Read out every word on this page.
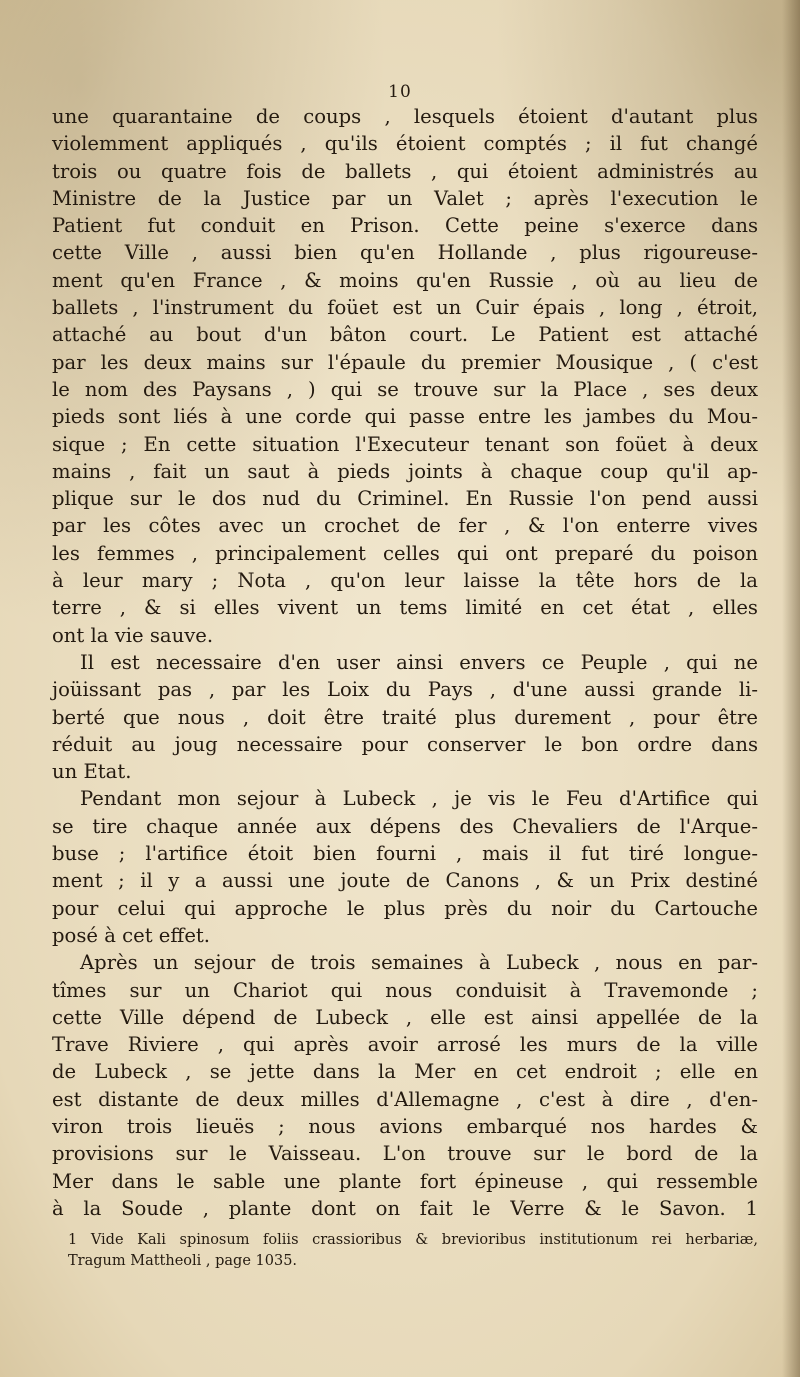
10
une quarantaine de coups , lesquels étoient d'autant plus
violemment appliqués , qu'ils étoient comptés ; il fut changé
trois ou quatre fois de ballets , qui étoient administrés au
Ministre de la Justice par un Valet ; après l'execution le
Patient fut conduit en Prison. Cette peine s'exerce dans
cette Ville , aussi bien qu'en Hollande , plus rigoureuse-
ment qu'en France , & moins qu'en Russie , où au lieu de
ballets , l'instrument du foüet est un Cuir épais , long , étroit,
attaché au bout d'un bâton court. Le Patient est attaché
par les deux mains sur l'épaule du premier Mousique , ( c'est
le nom des Paysans , ) qui se trouve sur la Place , ses deux
pieds sont liés à une corde qui passe entre les jambes du Mou-
sique ; En cette situation l'Executeur tenant son foüet à deux
mains , fait un saut à pieds joints à chaque coup qu'il ap-
plique sur le dos nud du Criminel. En Russie l'on pend aussi
par les côtes avec un crochet de fer , & l'on enterre vives
les femmes , principalement celles qui ont preparé du poison
à leur mary ; Nota , qu'on leur laisse la tête hors de la
terre , & si elles vivent un tems limité en cet état , elles
ont la vie sauve.
Il est necessaire d'en user ainsi envers ce Peuple , qui ne
joüissant pas , par les Loix du Pays , d'une aussi grande li-
berté que nous , doit être traité plus durement , pour être
réduit au joug necessaire pour conserver le bon ordre dans
un Etat.
Pendant mon sejour à Lubeck , je vis le Feu d'Artifice qui
se tire chaque année aux dépens des Chevaliers de l'Arque-
buse ; l'artifice étoit bien fourni , mais il fut tiré longue-
ment ; il y a aussi une joute de Canons , & un Prix destiné
pour celui qui approche le plus près du noir du Cartouche
posé à cet effet.
Après un sejour de trois semaines à Lubeck , nous en par-
tîmes sur un Chariot qui nous conduisit à Travemonde ;
cette Ville dépend de Lubeck , elle est ainsi appellée de la
Trave Riviere , qui après avoir arrosé les murs de la ville
de Lubeck , se jette dans la Mer en cet endroit ; elle en
est distante de deux milles d'Allemagne , c'est à dire , d'en-
viron trois lieuës ; nous avions embarqué nos hardes &
provisions sur le Vaisseau. L'on trouve sur le bord de la
Mer dans le sable une plante fort épineuse , qui ressemble
à la Soude , plante dont on fait le Verre & le Savon. 1
1 Vide Kali spinosum foliis crassioribus & brevioribus institutionum rei herbariæ,
Tragum Mattheoli , page 1035.
